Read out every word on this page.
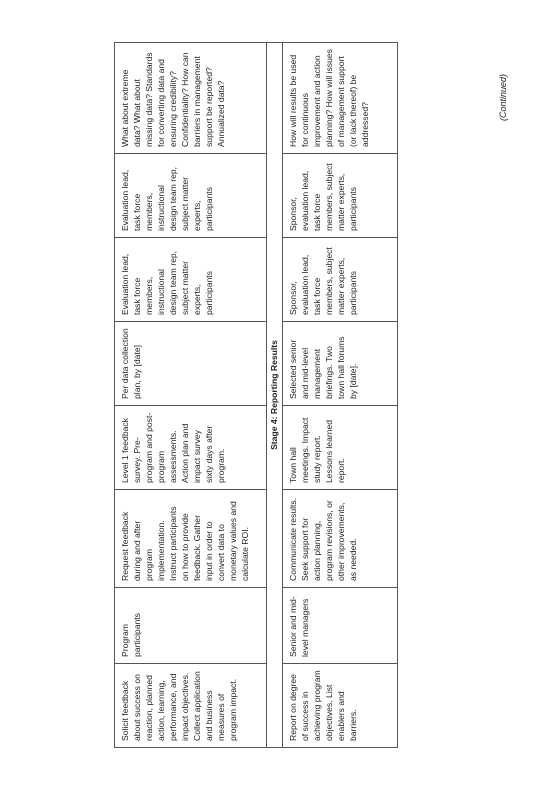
Solicit feedback about success on reaction, planned action, learning, performance, and impact objectives. Collect application and business measures of program impact.	Program participants	Request feedback during and after program implementation. Instruct participants on how to provide feedback. Gather input in order to convert data to monetary values and calculate ROI.	Level 1 feedback survey. Pre-program and post-program assessments. Action plan and impact survey sixty days after program.	Per data collection plan, by [date]	Evaluation lead, task force members, instructional design team rep, subject matter experts, participants	Evaluation lead, task force members, instructional design team rep, subject matter experts, participants	What about extreme data? What about missing data? Standards for converting data and ensuring credibility? Confidentiality? How can barriers in management support be reported? Annualized data?
Stage 4: Reporting Results							
Report on degree of success in achieving program objectives. List enablers and barriers.	Senior and mid-level managers	Communicate results. Seek support for action planning, program revisions, or other improvements, as needed.	Town hall meetings. Impact study report. Lessons learned report.	Selected senior and mid-level management briefings. Two town hall forums by [date].	Sponsor, evaluation lead, task force members, subject matter experts, participants	Sponsor, evaluation lead, task force members, subject matter experts, participants	How will results be used for continuous improvement and action planning? How will issues of management support (or lack thereof) be addressed?
(Continued)
